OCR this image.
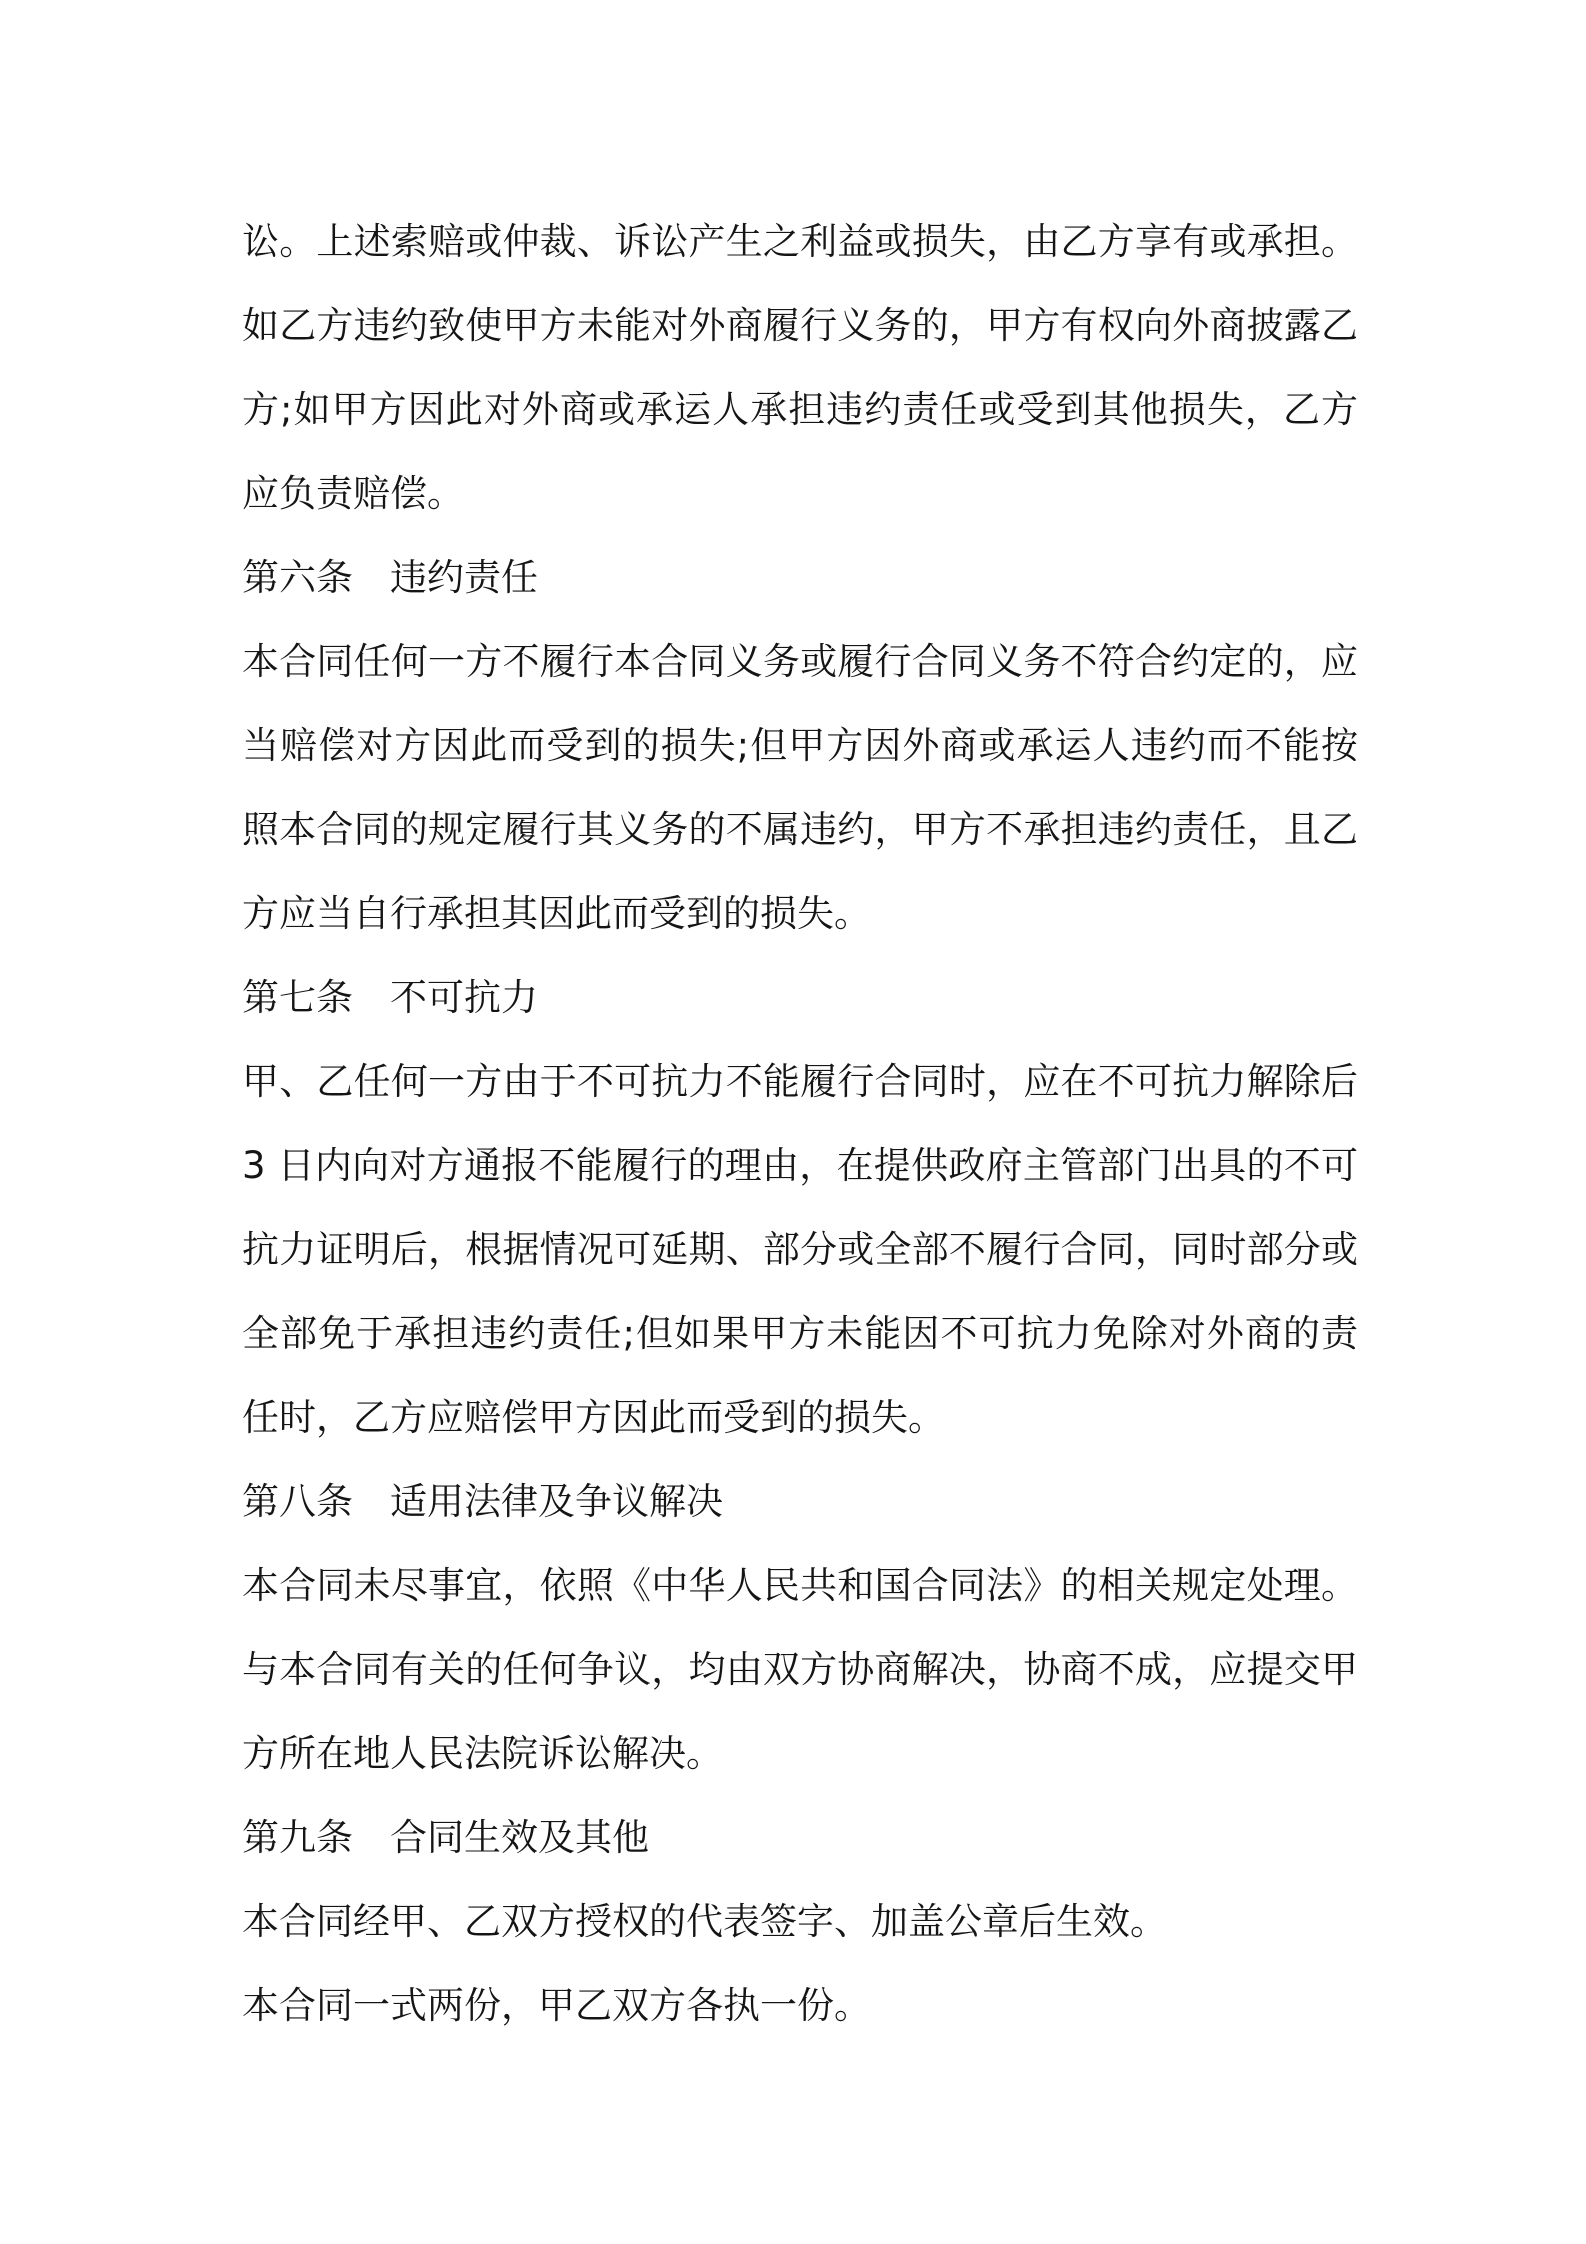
讼。上述索赔或仲裁、诉讼产生之利益或损失，由乙方享有或承担。
如乙方违约致使甲方未能对外商履行义务的，甲方有权向外商披露乙
方;如甲方因此对外商或承运人承担违约责任或受到其他损失，乙方
应负责赔偿。
第六条　违约责任
本合同任何一方不履行本合同义务或履行合同义务不符合约定的，应
当赔偿对方因此而受到的损失;但甲方因外商或承运人违约而不能按
照本合同的规定履行其义务的不属违约，甲方不承担违约责任，且乙
方应当自行承担其因此而受到的损失。
第七条　不可抗力
甲、乙任何一方由于不可抗力不能履行合同时，应在不可抗力解除后
3 日内向对方通报不能履行的理由，在提供政府主管部门出具的不可
抗力证明后，根据情况可延期、部分或全部不履行合同，同时部分或
全部免于承担违约责任;但如果甲方未能因不可抗力免除对外商的责
任时，乙方应赔偿甲方因此而受到的损失。
第八条　适用法律及争议解决
本合同未尽事宜，依照《中华人民共和国合同法》的相关规定处理。
与本合同有关的任何争议，均由双方协商解决，协商不成，应提交甲
方所在地人民法院诉讼解决。
第九条　合同生效及其他
本合同经甲、乙双方授权的代表签字、加盖公章后生效。
本合同一式两份，甲乙双方各执一份。
